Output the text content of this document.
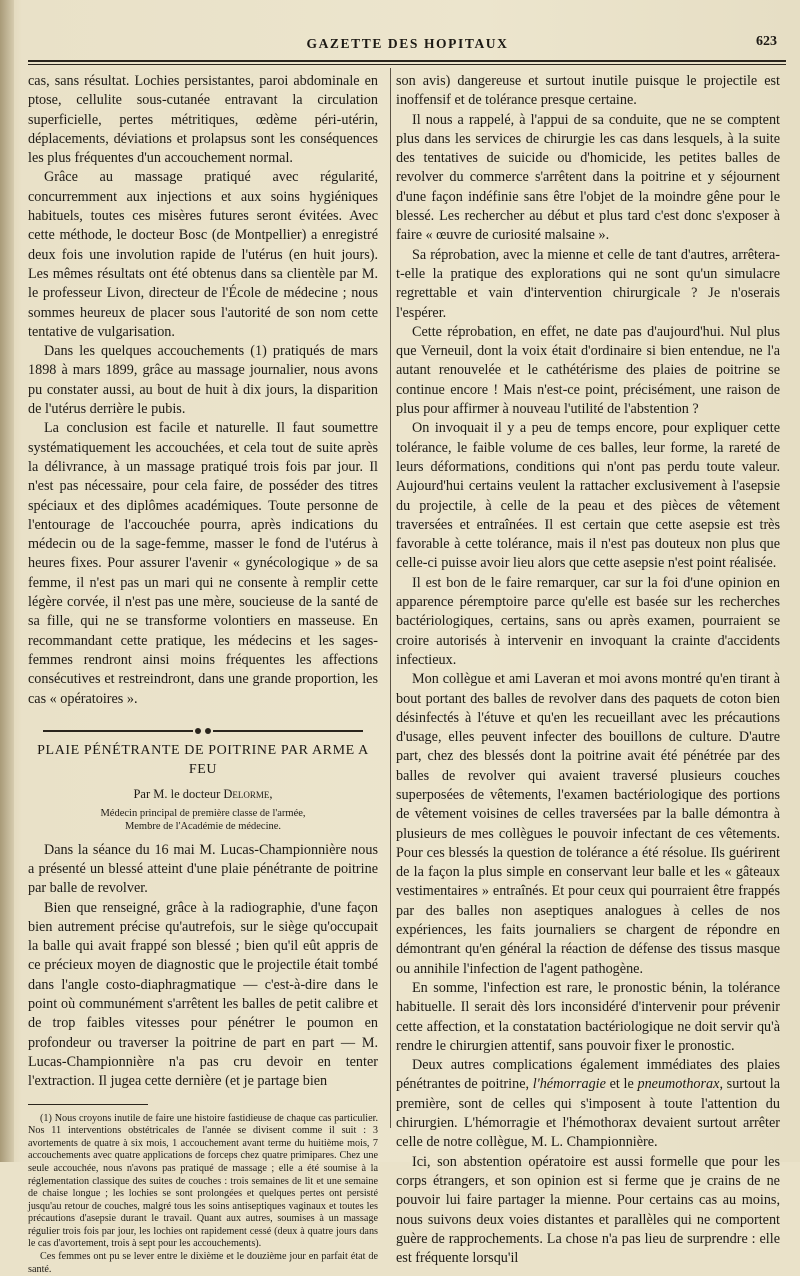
GAZETTE DES HOPITAUX	623

cas, sans résultat. Lochies persistantes, paroi abdominale en ptose, cellulite sous-cutanée entravant la circulation superficielle, pertes métritiques, œdème péri-utérin, déplacements, déviations et prolapsus sont les conséquences les plus fréquentes d'un accouchement normal.

Grâce au massage pratiqué avec régularité, concurremment aux injections et aux soins hygiéniques habituels, toutes ces misères futures seront évitées. Avec cette méthode, le docteur Bosc (de Montpellier) a enregistré deux fois une involution rapide de l'utérus (en huit jours). Les mêmes résultats ont été obtenus dans sa clientèle par M. le professeur Livon, directeur de l'École de médecine ; nous sommes heureux de placer sous l'autorité de son nom cette tentative de vulgarisation.

Dans les quelques accouchements (1) pratiqués de mars 1898 à mars 1899, grâce au massage journalier, nous avons pu constater aussi, au bout de huit à dix jours, la disparition de l'utérus derrière le pubis.

La conclusion est facile et naturelle. Il faut soumettre systématiquement les accouchées, et cela tout de suite après la délivrance, à un massage pratiqué trois fois par jour. Il n'est pas nécessaire, pour cela faire, de posséder des titres spéciaux et des diplômes académiques. Toute personne de l'entourage de l'accouchée pourra, après indications du médecin ou de la sage-femme, masser le fond de l'utérus à heures fixes. Pour assurer l'avenir « gynécologique » de sa femme, il n'est pas un mari qui ne consente à remplir cette légère corvée, il n'est pas une mère, soucieuse de la santé de sa fille, qui ne se transforme volontiers en masseuse. En recommandant cette pratique, les médecins et les sages-femmes rendront ainsi moins fréquentes les affections consécutives et restreindront, dans une grande proportion, les cas « opératoires ».

PLAIE PÉNÉTRANTE DE POITRINE PAR ARME A FEU
Par M. le docteur Delorme,
Médecin principal de première classe de l'armée,
Membre de l'Académie de médecine.

Dans la séance du 16 mai M. Lucas-Championnière nous a présenté un blessé atteint d'une plaie pénétrante de poitrine par balle de revolver.

Bien que renseigné, grâce à la radiographie, d'une façon bien autrement précise qu'autrefois, sur le siège qu'occupait la balle qui avait frappé son blessé ; bien qu'il eût appris de ce précieux moyen de diagnostic que le projectile était tombé dans l'angle costo-diaphragmatique — c'est-à-dire dans le point où communément s'arrêtent les balles de petit calibre et de trop faibles vitesses pour pénétrer le poumon en profondeur ou traverser la poitrine de part en part — M. Lucas-Championnière n'a pas cru devoir en tenter l'extraction. Il jugea cette dernière (et je partage bien

(1) Nous croyons inutile de faire une histoire fastidieuse de chaque cas particulier. Nos 11 interventions obstétricales de l'année se divisent comme il suit : 3 avortements de quatre à six mois, 1 accouchement avant terme du huitième mois, 7 accouchements avec quatre applications de forceps chez quatre primipares. Chez une seule accouchée, nous n'avons pas pratiqué de massage ; elle a été soumise à la réglementation classique des suites de couches : trois semaines de lit et une semaine de chaise longue ; les lochies se sont prolongées et quelques pertes ont persisté jusqu'au retour de couches, malgré tous les soins antiseptiques vaginaux et toutes les précautions d'asepsie durant le travail. Quant aux autres, soumises à un massage régulier trois fois par jour, les lochies ont rapidement cessé (deux à quatre jours dans le cas d'avortement, trois à sept pour les accouchements).

Ces femmes ont pu se lever entre le dixième et le douzième jour en parfait état de santé.

son avis) dangereuse et surtout inutile puisque le projectile est inoffensif et de tolérance presque certaine.

Il nous a rappelé, à l'appui de sa conduite, que ne se comptent plus dans les services de chirurgie les cas dans lesquels, à la suite des tentatives de suicide ou d'homicide, les petites balles de revolver du commerce s'arrêtent dans la poitrine et y séjournent d'une façon indéfinie sans être l'objet de la moindre gêne pour le blessé. Les rechercher au début et plus tard c'est donc s'exposer à faire « œuvre de curiosité malsaine ».

Sa réprobation, avec la mienne et celle de tant d'autres, arrêtera-t-elle la pratique des explorations qui ne sont qu'un simulacre regrettable et vain d'intervention chirurgicale ? Je n'oserais l'espérer.

Cette réprobation, en effet, ne date pas d'aujourd'hui. Nul plus que Verneuil, dont la voix était d'ordinaire si bien entendue, ne l'a autant renouvelée et le cathétérisme des plaies de poitrine se continue encore ! Mais n'est-ce point, précisément, une raison de plus pour affirmer à nouveau l'utilité de l'abstention ?

On invoquait il y a peu de temps encore, pour expliquer cette tolérance, le faible volume de ces balles, leur forme, la rareté de leurs déformations, conditions qui n'ont pas perdu toute valeur. Aujourd'hui certains veulent la rattacher exclusivement à l'asepsie du projectile, à celle de la peau et des pièces de vêtement traversées et entraînées. Il est certain que cette asepsie est très favorable à cette tolérance, mais il n'est pas douteux non plus que celle-ci puisse avoir lieu alors que cette asepsie n'est point réalisée.

Il est bon de le faire remarquer, car sur la foi d'une opinion en apparence péremptoire parce qu'elle est basée sur les recherches bactériologiques, certains, sans ou après examen, pourraient se croire autorisés à intervenir en invoquant la crainte d'accidents infectieux.

Mon collègue et ami Laveran et moi avons montré qu'en tirant à bout portant des balles de revolver dans des paquets de coton bien désinfectés à l'étuve et qu'en les recueillant avec les précautions d'usage, elles peuvent infecter des bouillons de culture. D'autre part, chez des blessés dont la poitrine avait été pénétrée par des balles de revolver qui avaient traversé plusieurs couches superposées de vêtements, l'examen bactériologique des portions de vêtement voisines de celles traversées par la balle démontra à plusieurs de mes collègues le pouvoir infectant de ces vêtements. Pour ces blessés la question de tolérance a été résolue. Ils guérirent de la façon la plus simple en conservant leur balle et les « gâteaux vestimentaires » entraînés. Et pour ceux qui pourraient être frappés par des balles non aseptiques analogues à celles de nos expériences, les faits journaliers se chargent de répondre en démontrant qu'en général la réaction de défense des tissus masque ou annihile l'infection de l'agent pathogène.

En somme, l'infection est rare, le pronostic bénin, la tolérance habituelle. Il serait dès lors inconsidéré d'intervenir pour prévenir cette affection, et la constatation bactériologique ne doit servir qu'à rendre le chirurgien attentif, sans pouvoir fixer le pronostic.

Deux autres complications également immédiates des plaies pénétrantes de poitrine, l'hémorragie et le pneumothorax, surtout la première, sont de celles qui s'imposent à toute l'attention du chirurgien. L'hémorragie et l'hémothorax devaient surtout arrêter celle de notre collègue, M. L. Championnière.

Ici, son abstention opératoire est aussi formelle que pour les corps étrangers, et son opinion est si ferme que je crains de ne pouvoir lui faire partager la mienne. Pour certains cas au moins, nous suivons deux voies distantes et parallèles qui ne comportent guère de rapprochements. La chose n'a pas lieu de surprendre : elle est fréquente lorsqu'il
